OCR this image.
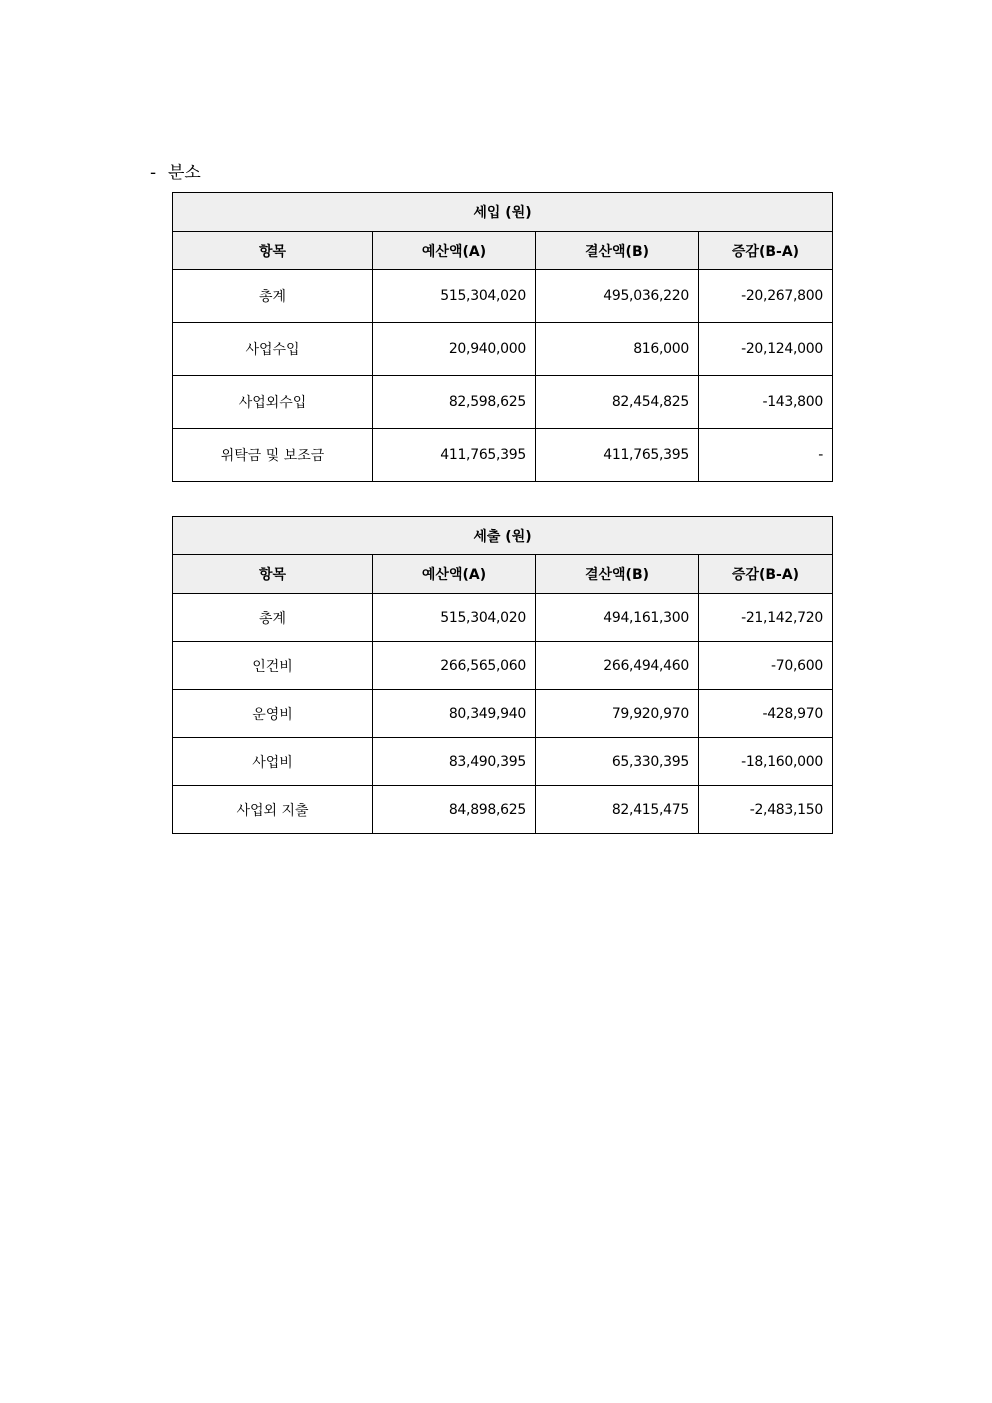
- 분소
세입 (원)			
항목	예산액(A)	결산액(B)	증감(B-A)
총계	515,304,020	495,036,220	-20,267,800
사업수입	20,940,000	816,000	-20,124,000
사업외수입	82,598,625	82,454,825	-143,800
위탁금 및 보조금	411,765,395	411,765,395	-
세출 (원)			
항목	예산액(A)	결산액(B)	증감(B-A)
총계	515,304,020	494,161,300	-21,142,720
인건비	266,565,060	266,494,460	-70,600
운영비	80,349,940	79,920,970	-428,970
사업비	83,490,395	65,330,395	-18,160,000
사업외 지출	84,898,625	82,415,475	-2,483,150
